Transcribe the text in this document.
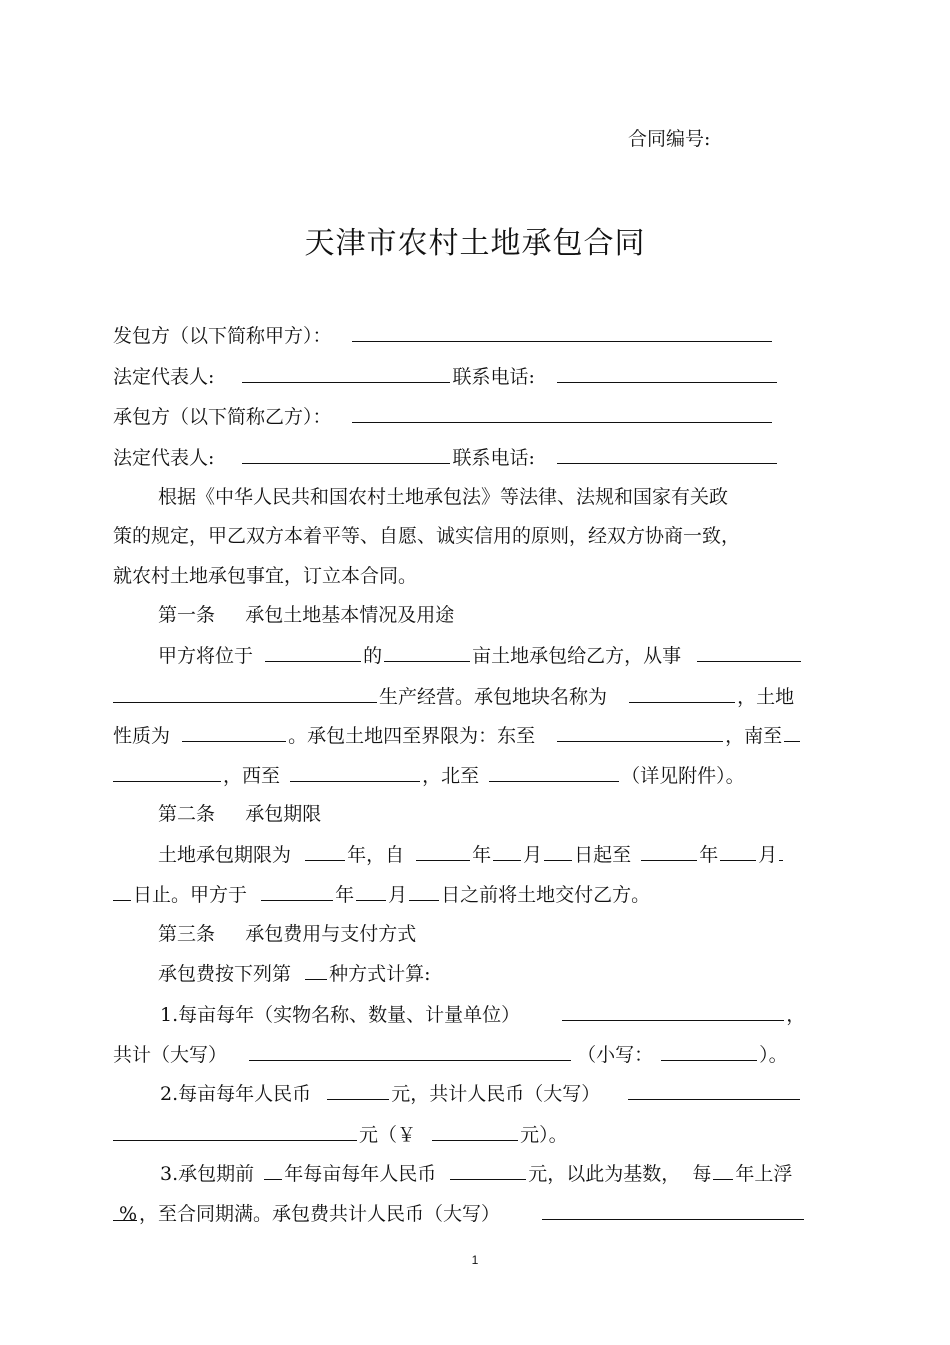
合同编号:
天津市农村土地承包合同
发包方（以下简称甲方）：
法定代表人:	联系电话:
承包方（以下简称乙方）：
法定代表人:	联系电话:
根据《中华人民共和国农村土地承包法》等法律、法规和国家有关政
策的规定，甲乙双方本着平等、自愿、诚实信用的原则，经双方协商一致，
就农村土地承包事宜，订立本合同。
第一条     承包土地基本情况及用途
甲方将位于	的	亩土地承包给乙方，从事
生产经营。承包地块名称为	，土地
性质为	。承包土地四至界限为：东至	，南至
，西至	，北至	（详见附件）。
第二条     承包期限
土地承包期限为	年，自	年 月 日起至	年 月
日止。甲方于	年 月 日之前将土地交付乙方。
第三条     承包费用与支付方式
承包费按下列第 种方式计算:
1.每亩每年（实物名称、数量、计量单位）	，
共计（大写）	（小写：	）。
2.每亩每年人民币	元，共计人民币（大写）
元（￥	元）。
3.承包期前 年每亩每年人民币	元，以此为基数，  每 年上浮
% ，至合同期满。承包费共计人民币（大写）
1
